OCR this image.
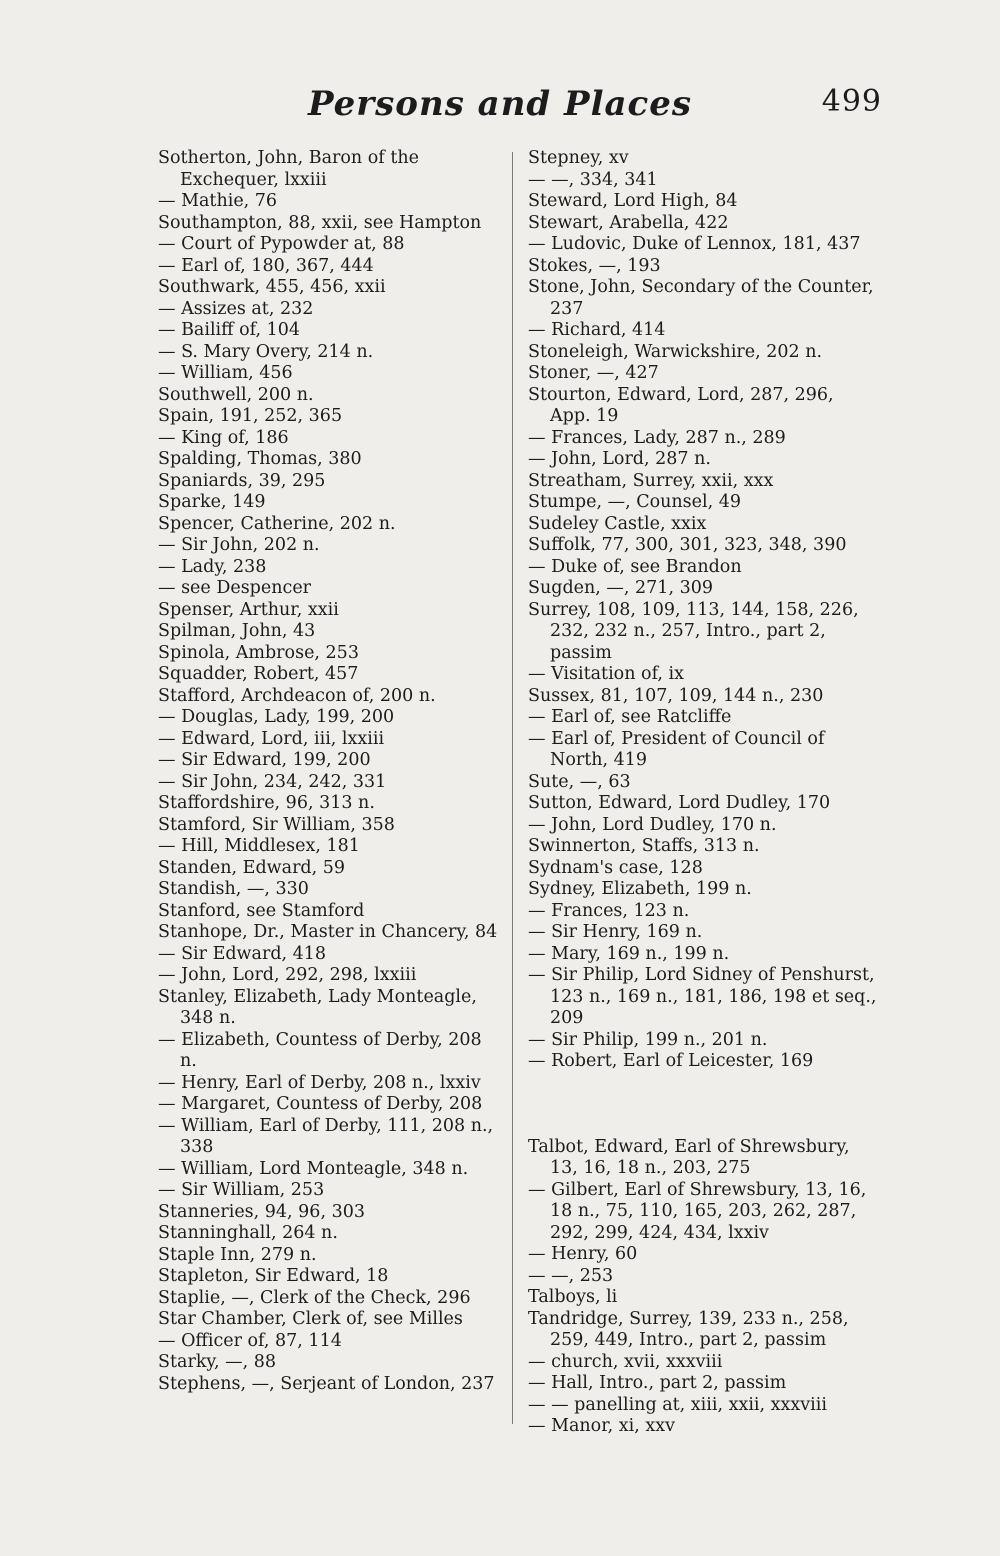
Persons and Places	499
Sotherton, John, Baron of the Exchequer, lxxiii
— Mathie, 76
Southampton, 88, xxii, see Hampton
— Court of Pypowder at, 88
— Earl of, 180, 367, 444
Southwark, 455, 456, xxii
— Assizes at, 232
— Bailiff of, 104
— S. Mary Overy, 214 n.
— William, 456
Southwell, 200 n.
Spain, 191, 252, 365
— King of, 186
Spalding, Thomas, 380
Spaniards, 39, 295
Sparke, 149
Spencer, Catherine, 202 n.
— Sir John, 202 n.
— Lady, 238
— see Despencer
Spenser, Arthur, xxii
Spilman, John, 43
Spinola, Ambrose, 253
Squadder, Robert, 457
Stafford, Archdeacon of, 200 n.
— Douglas, Lady, 199, 200
— Edward, Lord, iii, lxxiii
— Sir Edward, 199, 200
— Sir John, 234, 242, 331
Staffordshire, 96, 313 n.
Stamford, Sir William, 358
— Hill, Middlesex, 181
Standen, Edward, 59
Standish, —, 330
Stanford, see Stamford
Stanhope, Dr., Master in Chancery, 84
— Sir Edward, 418
— John, Lord, 292, 298, lxxiii
Stanley, Elizabeth, Lady Monteagle, 348 n.
— Elizabeth, Countess of Derby, 208 n.
— Henry, Earl of Derby, 208 n., lxxiv
— Margaret, Countess of Derby, 208
— William, Earl of Derby, 111, 208 n., 338
— William, Lord Monteagle, 348 n.
— Sir William, 253
Stanneries, 94, 96, 303
Stanninghall, 264 n.
Staple Inn, 279 n.
Stapleton, Sir Edward, 18
Staplie, —, Clerk of the Check, 296
Star Chamber, Clerk of, see Milles
— Officer of, 87, 114
Starky, —, 88
Stephens, —, Serjeant of London, 237
Stepney, xv
— —, 334, 341
Steward, Lord High, 84
Stewart, Arabella, 422
— Ludovic, Duke of Lennox, 181, 437
Stokes, —, 193
Stone, John, Secondary of the Counter, 237
— Richard, 414
Stoneleigh, Warwickshire, 202 n.
Stoner, —, 427
Stourton, Edward, Lord, 287, 296, App. 19
— Frances, Lady, 287 n., 289
— John, Lord, 287 n.
Streatham, Surrey, xxii, xxx
Stumpe, —, Counsel, 49
Sudeley Castle, xxix
Suffolk, 77, 300, 301, 323, 348, 390
— Duke of, see Brandon
Sugden, —, 271, 309
Surrey, 108, 109, 113, 144, 158, 226, 232, 232 n., 257, Intro., part 2, passim
— Visitation of, ix
Sussex, 81, 107, 109, 144 n., 230
— Earl of, see Ratcliffe
— Earl of, President of Council of North, 419
Sute, —, 63
Sutton, Edward, Lord Dudley, 170
— John, Lord Dudley, 170 n.
Swinnerton, Staffs, 313 n.
Sydnam's case, 128
Sydney, Elizabeth, 199 n.
— Frances, 123 n.
— Sir Henry, 169 n.
— Mary, 169 n., 199 n.
— Sir Philip, Lord Sidney of Penshurst, 123 n., 169 n., 181, 186, 198 et seq., 209
— Sir Philip, 199 n., 201 n.
— Robert, Earl of Leicester, 169
Talbot, Edward, Earl of Shrewsbury, 13, 16, 18 n., 203, 275
— Gilbert, Earl of Shrewsbury, 13, 16, 18 n., 75, 110, 165, 203, 262, 287, 292, 299, 424, 434, lxxiv
— Henry, 60
— —, 253
Talboys, li
Tandridge, Surrey, 139, 233 n., 258, 259, 449, Intro., part 2, passim
— church, xvii, xxxviii
— Hall, Intro., part 2, passim
— — panelling at, xiii, xxii, xxxviii
— Manor, xi, xxv
